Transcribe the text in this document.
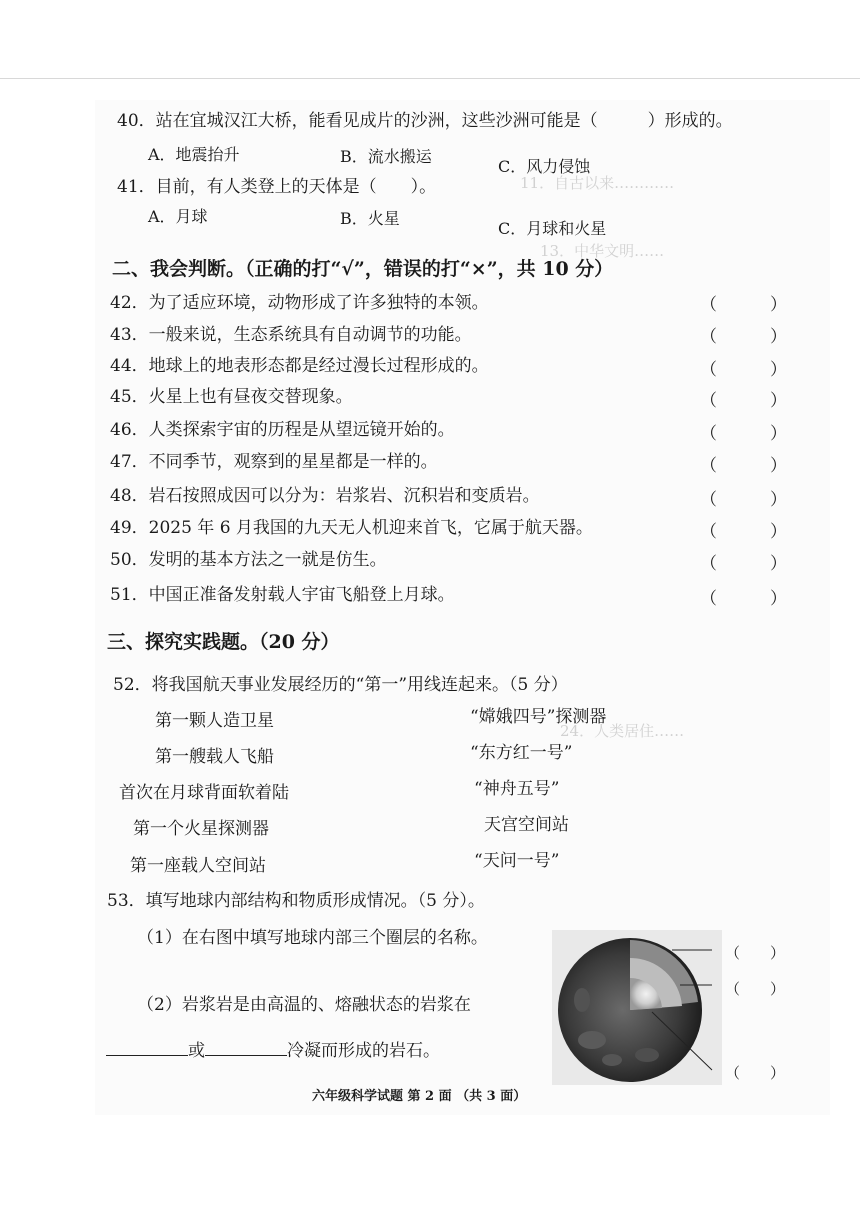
11．自古以来…………
13．中华文明……
24．人类居住……
40．站在宜城汉江大桥，能看见成片的沙洲，这些沙洲可能是（	）形成的。
A．地震抬升	B．流水搬运
C．风力侵蚀
41．目前，有人类登上的天体是（　　）。
A．月球	B．火星
C．月球和火星
二、我会判断。（正确的打“√”，错误的打“×”，共 10 分）
42．为了适应环境，动物形成了许多独特的本领。	（　）
43．一般来说，生态系统具有自动调节的功能。	（　）
44．地球上的地表形态都是经过漫长过程形成的。	（　）
45．火星上也有昼夜交替现象。	（　）
46．人类探索宇宙的历程是从望远镜开始的。	（　）
47．不同季节，观察到的星星都是一样的。	（　）
48．岩石按照成因可以分为：岩浆岩、沉积岩和变质岩。	（　）
49．2025 年 6 月我国的九天无人机迎来首飞，它属于航天器。	（　）
50．发明的基本方法之一就是仿生。	（　）
51．中国正准备发射载人宇宙飞船登上月球。	（　）
三、探究实践题。（20 分）
52．将我国航天事业发展经历的“第一”用线连起来。（5 分）
第一颗人造卫星
第一艘载人飞船
首次在月球背面软着陆
第一个火星探测器
第一座载人空间站
“嫦娥四号”探测器
“东方红一号”
“神舟五号”
天宫空间站
“天问一号”
53．填写地球内部结构和物质形成情况。（5 分）。
（1）在右图中填写地球内部三个圈层的名称。
（2）岩浆岩是由高温的、熔融状态的岩浆在
或	冷凝而形成的岩石。
（　　）
（　　）
（　　）
六年级科学试题 第 2 面 （共 3 面）
